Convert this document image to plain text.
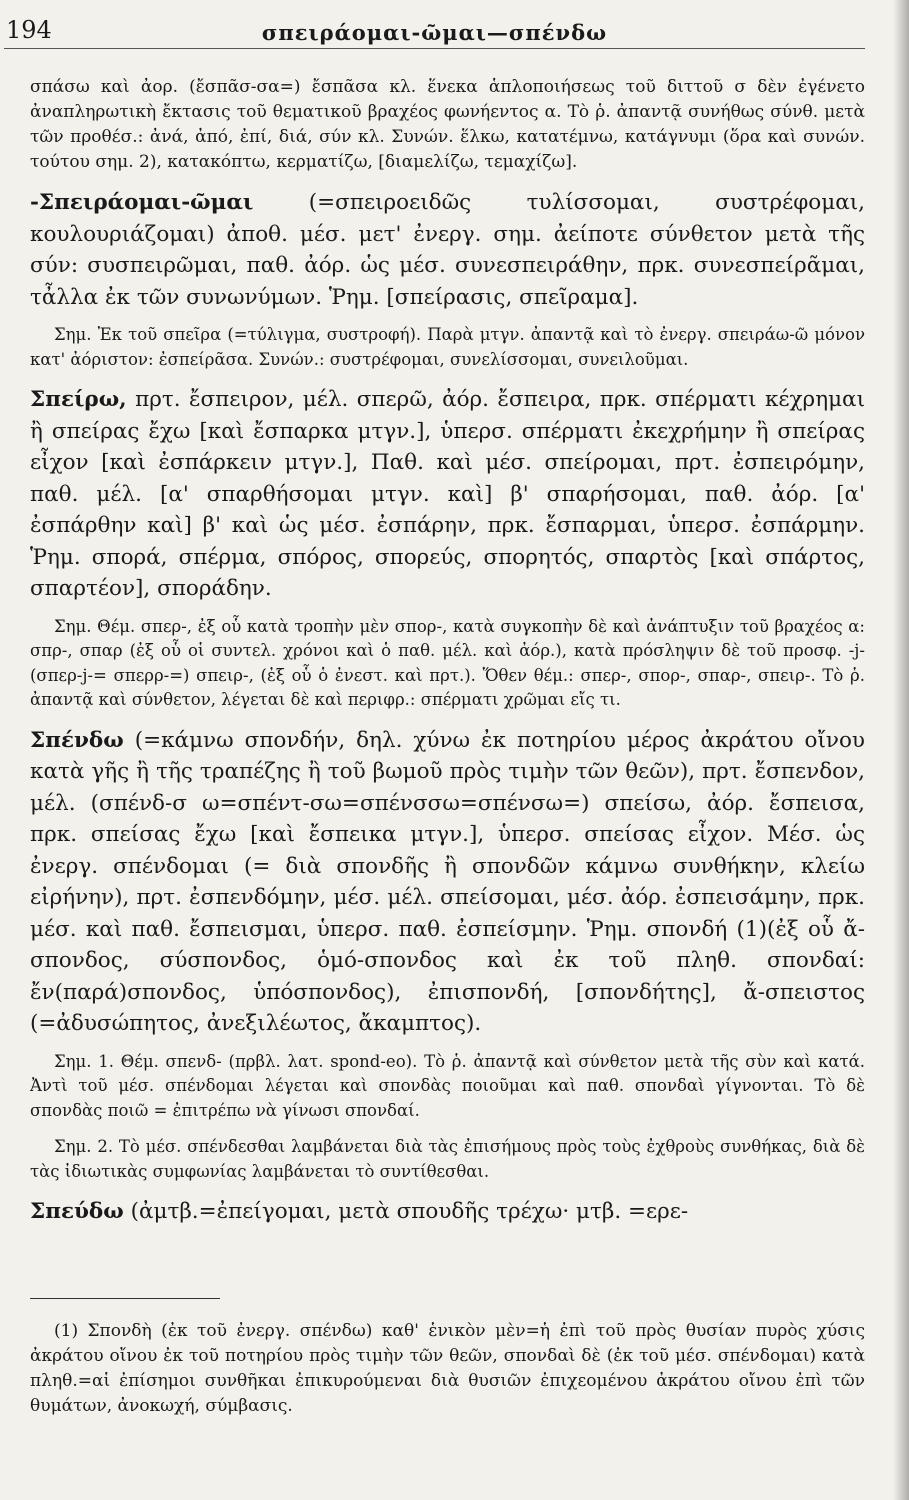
194	σπειράομαι-ῶμαι—σπένδω

σπάσω καὶ ἀορ. (ἔσπᾶσ-σα=) ἔσπᾶσα κλ. ἕνεκα ἁπλοποιήσεως τοῦ διττοῦ σ δὲν ἐγένετο ἀναπληρωτικὴ ἔκτασις τοῦ θεματικοῦ βραχέος φωνήεντος α. Τὸ ῥ. ἀπαντᾷ συνήθως σύνθ. μετὰ τῶν προθέσ.: ἀνά, ἀπό, ἐπί, διά, σύν κλ. Συνών. ἕλκω, κατατέμνω, κατάγνυμι (ὅρα καὶ συνών. τούτου σημ. 2), κατακόπτω, κερματίζω, [διαμελίζω, τεμαχίζω].

-Σπειράομαι-ῶμαι (=σπειροειδῶς τυλίσσομαι, συστρέφομαι, κουλουριάζομαι) ἀποθ. μέσ. μετ' ἐνεργ. σημ. ἀείποτε σύνθετον μετὰ τῆς σύν: συσπειρῶμαι, παθ. ἀόρ. ὡς μέσ. συνεσπειράθην, πρκ. συνεσπείρᾶμαι, τἆλλα ἐκ τῶν συνωνύμων. Ῥημ. [σπείρασις, σπεῖραμα].

Σημ. Ἐκ τοῦ σπεῖρα (=τύλιγμα, συστροφή). Παρὰ μτγν. ἀπαντᾷ καὶ τὸ ἐνεργ. σπειράω-ῶ μόνον κατ' ἀόριστον: ἐσπείρᾶσα. Συνών.: συστρέφομαι, συνελίσσομαι, συνειλοῦμαι.

Σπείρω, πρτ. ἔσπειρον, μέλ. σπερῶ, ἀόρ. ἔσπειρα, πρκ. σπέρματι κέχρημαι ἢ σπείρας ἔχω [καὶ ἔσπαρκα μτγν.], ὑπερσ. σπέρματι ἐκεχρήμην ἢ σπείρας εἶχον [καὶ ἐσπάρκειν μτγν.], Παθ. καὶ μέσ. σπείρομαι, πρτ. ἐσπειρόμην, παθ. μέλ. [α' σπαρθήσομαι μτγν. καὶ] β' σπαρήσομαι, παθ. ἀόρ. [α' ἐσπάρθην καὶ] β' καὶ ὡς μέσ. ἐσπάρην, πρκ. ἔσπαρμαι, ὑπερσ. ἐσπάρμην. Ῥημ. σπορά, σπέρμα, σπόρος, σπορεύς, σπορητός, σπαρτὸς [καὶ σπάρτος, σπαρτέον], σποράδην.

Σημ. Θέμ. σπερ-, ἐξ οὗ κατὰ τροπὴν μὲν σπορ-, κατὰ συγκοπὴν δὲ καὶ ἀνάπτυξιν τοῦ βραχέος α: σπρ-, σπαρ (ἐξ οὗ οἱ συντελ. χρόνοι καὶ ὁ παθ. μέλ. καὶ ἀόρ.), κατὰ πρόσληψιν δὲ τοῦ προσφ. -j- (σπερ-j-= σπερρ-=) σπειρ-, (ἐξ οὗ ὁ ἐνεστ. καὶ πρτ.). Ὅθεν θέμ.: σπερ-, σπορ-, σπαρ-, σπειρ-. Τὸ ῥ. ἀπαντᾷ καὶ σύνθετον, λέγεται δὲ καὶ περιφρ.: σπέρματι χρῶμαι εἴς τι.

Σπένδω (=κάμνω σπονδήν, δηλ. χύνω ἐκ ποτηρίου μέρος ἀκράτου οἴνου κατὰ γῆς ἢ τῆς τραπέζης ἢ τοῦ βωμοῦ πρὸς τιμὴν τῶν θεῶν), πρτ. ἔσπενδον, μέλ. (σπένδ-σ ω=σπέντ-σω=σπένσσω=σπένσω=) σπείσω, ἀόρ. ἔσπεισα, πρκ. σπείσας ἔχω [καὶ ἔσπεικα μτγν.], ὑπερσ. σπείσας εἶχον. Μέσ. ὡς ἐνεργ. σπένδομαι (= διὰ σπονδῆς ἢ σπονδῶν κάμνω συνθήκην, κλείω εἰρήνην), πρτ. ἐσπενδόμην, μέσ. μέλ. σπείσομαι, μέσ. ἀόρ. ἐσπεισάμην, πρκ. μέσ. καὶ παθ. ἔσπεισμαι, ὑπερσ. παθ. ἐσπείσμην. Ῥημ. σπονδή (1)(ἐξ οὗ ἄ-σπονδος, σύσπονδος, ὁμό-σπονδος καὶ ἐκ τοῦ πληθ. σπονδαί: ἔν(παρά)σπονδος, ὑπόσπονδος), ἐπισπονδή, [σπονδήτης], ἄ-σπειστος (=ἀδυσώπητος, ἀνεξιλέωτος, ἄκαμπτος).

Σημ. 1. Θέμ. σπενδ- (πρβλ. λατ. spond-eo). Τὸ ῥ. ἀπαντᾷ καὶ σύνθετον μετὰ τῆς σὺν καὶ κατά. Ἀντὶ τοῦ μέσ. σπένδομαι λέγεται καὶ σπονδὰς ποιοῦμαι καὶ παθ. σπονδαὶ γίγνονται. Τὸ δὲ σπονδὰς ποιῶ = ἐπιτρέπω νὰ γίνωσι σπονδαί.

Σημ. 2. Τὸ μέσ. σπένδεσθαι λαμβάνεται διὰ τὰς ἐπισήμους πρὸς τοὺς ἐχθροὺς συνθήκας, διὰ δὲ τὰς ἰδιωτικὰς συμφωνίας λαμβάνεται τὸ συντίθεσθαι.

Σπεύδω (ἀμτβ.=ἐπείγομαι, μετὰ σπουδῆς τρέχω· μτβ. =ερε-

(1) Σπονδὴ (ἐκ τοῦ ἐνεργ. σπένδω) καθ' ἑνικὸν μὲν=ἡ ἐπὶ τοῦ πρὸς θυσίαν πυρὸς χύσις ἀκράτου οἴνου ἐκ τοῦ ποτηρίου πρὸς τιμὴν τῶν θεῶν, σπονδαὶ δὲ (ἐκ τοῦ μέσ. σπένδομαι) κατὰ πληθ.=αἱ ἐπίσημοι συνθῆκαι ἐπικυρούμεναι διὰ θυσιῶν ἐπιχεομένου ἀκράτου οἴνου ἐπὶ τῶν θυμάτων, ἀνοκωχή, σύμβασις.
